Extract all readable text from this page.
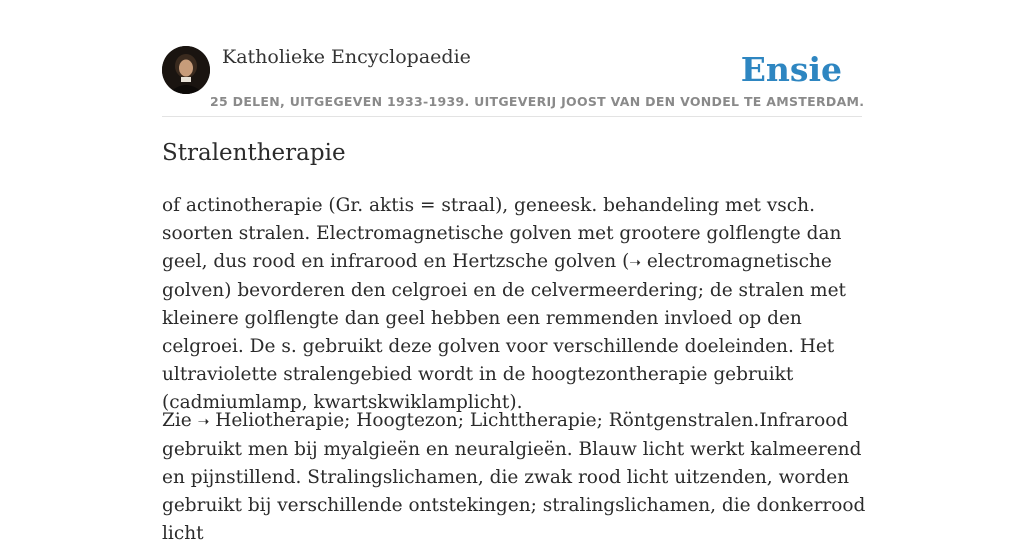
Katholieke Encyclopaedie	Ensie
25 DELEN, UITGEGEVEN 1933-1939. UITGEVERIJ JOOST VAN DEN VONDEL TE AMSTERDAM.
Stralentherapie

of actinotherapie (Gr. aktis = straal), geneesk. behandeling met vsch. soorten stralen. Electromagnetische golven met grootere golflengte dan geel, dus rood en infrarood en Hertzsche golven (➝ electromagnetische golven) bevorderen den celgroei en de celvermeerdering; de stralen met kleinere golflengte dan geel hebben een remmenden invloed op den celgroei. De s. gebruikt deze golven voor verschillende doeleinden. Het ultraviolette stralengebied wordt in de hoogtezontherapie gebruikt (cadmiumlamp, kwartskwiklamplicht).

Zie ➝ Heliotherapie; Hoogtezon; Lichttherapie; Röntgenstralen.Infrarood gebruikt men bij myalgieën en neuralgieën. Blauw licht werkt kalmeerend en pijnstillend. Stralingslichamen, die zwak rood licht uitzenden, worden gebruikt bij verschillende ontstekingen; stralingslichamen, die donkerrood licht
